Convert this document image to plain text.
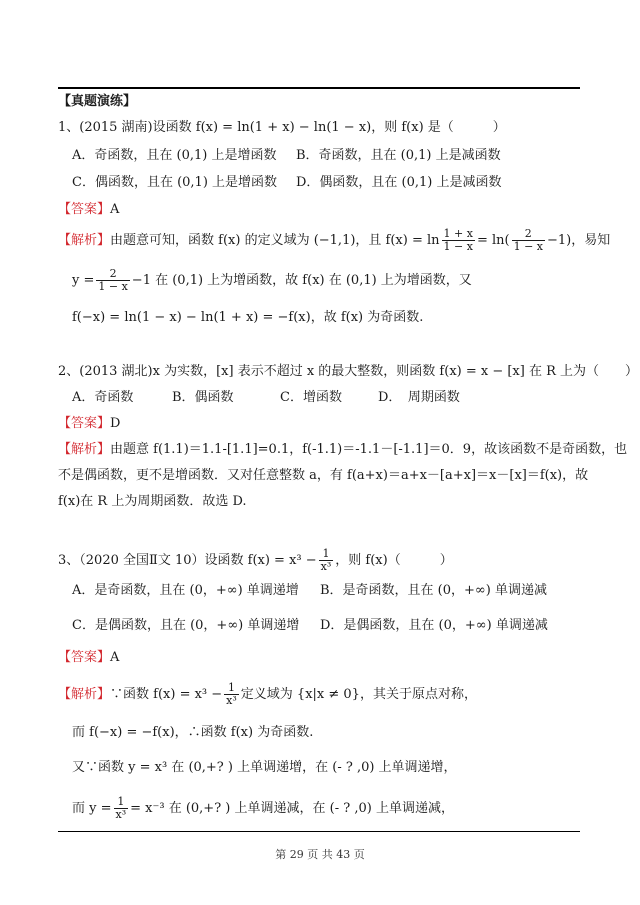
【真题演练】
1、(2015 湖南)设函数 f(x) = ln(1 + x) − ln(1 − x)，则 f(x) 是（　　　）
A．奇函数，且在 (0,1) 上是增函数 B．奇函数，且在 (0,1) 上是减函数
C．偶函数，且在 (0,1) 上是增函数 D．偶函数，且在 (0,1) 上是减函数
【答案】A
【解析】由题意可知，函数 f(x) 的定义域为 (−1,1)，且 $f(x) = \ln \frac{1 + x}{1 - x} = \ln( \frac{2}{1 - x} -1)$，易知
$y = \frac{2}{1 - x} -1$ 在 (0,1) 上为增函数，故 f(x) 在 (0,1) 上为增函数，又
f(−x) = ln(1 − x) − ln(1 + x) = −f(x)，故 f(x) 为奇函数.
2、(2013 湖北)x 为实数，[x] 表示不超过 x 的最大整数，则函数 f(x) = x − [x] 在 R 上为（　　）
A．奇函数	B．偶函数	C．增函数	D．　周期函数
【答案】D
【解析】由题意 f(1.1)＝1.1-[1.1]=0.1，f(-1.1)＝-1.1－[-1.1]＝0．9，故该函数不是奇函数，也
不是偶函数，更不是增函数．又对任意整数 a，有 f(a+x)＝a+x－[a+x]＝x－[x]＝f(x)，故
f(x)在 R 上为周期函数．故选 D.
3、（2020 全国Ⅱ文 10）设函数 $f(x) = x^3 - \frac{1}{\text{x³}}$ ，则 f(x)（　　　）
A．是奇函数，且在 (0，+∞) 单调递增 B．是奇函数，且在 (0，+∞) 单调递减
C．是偶函数，且在 (0，+∞) 单调递增 D．是偶函数，且在 (0，+∞) 单调递减
【答案】A
【解析】∵函数 $f(x) = x^3 - \frac{1}{\text{x³}}$ 定义域为 {x|x ≠ 0}，其关于原点对称，
而 f(−x) = −f(x)，∴函数 f(x) 为奇函数.
又∵函数 y = x³ 在 (0,+? ) 上单调递增，在 (- ? ,0) 上单调递增，
而 $y = \frac{1}{\text{x³}} = x^{-3}$ 在 (0,+? ) 上单调递减，在 (- ? ,0) 上单调递减，
第 29 页 共 43 页
